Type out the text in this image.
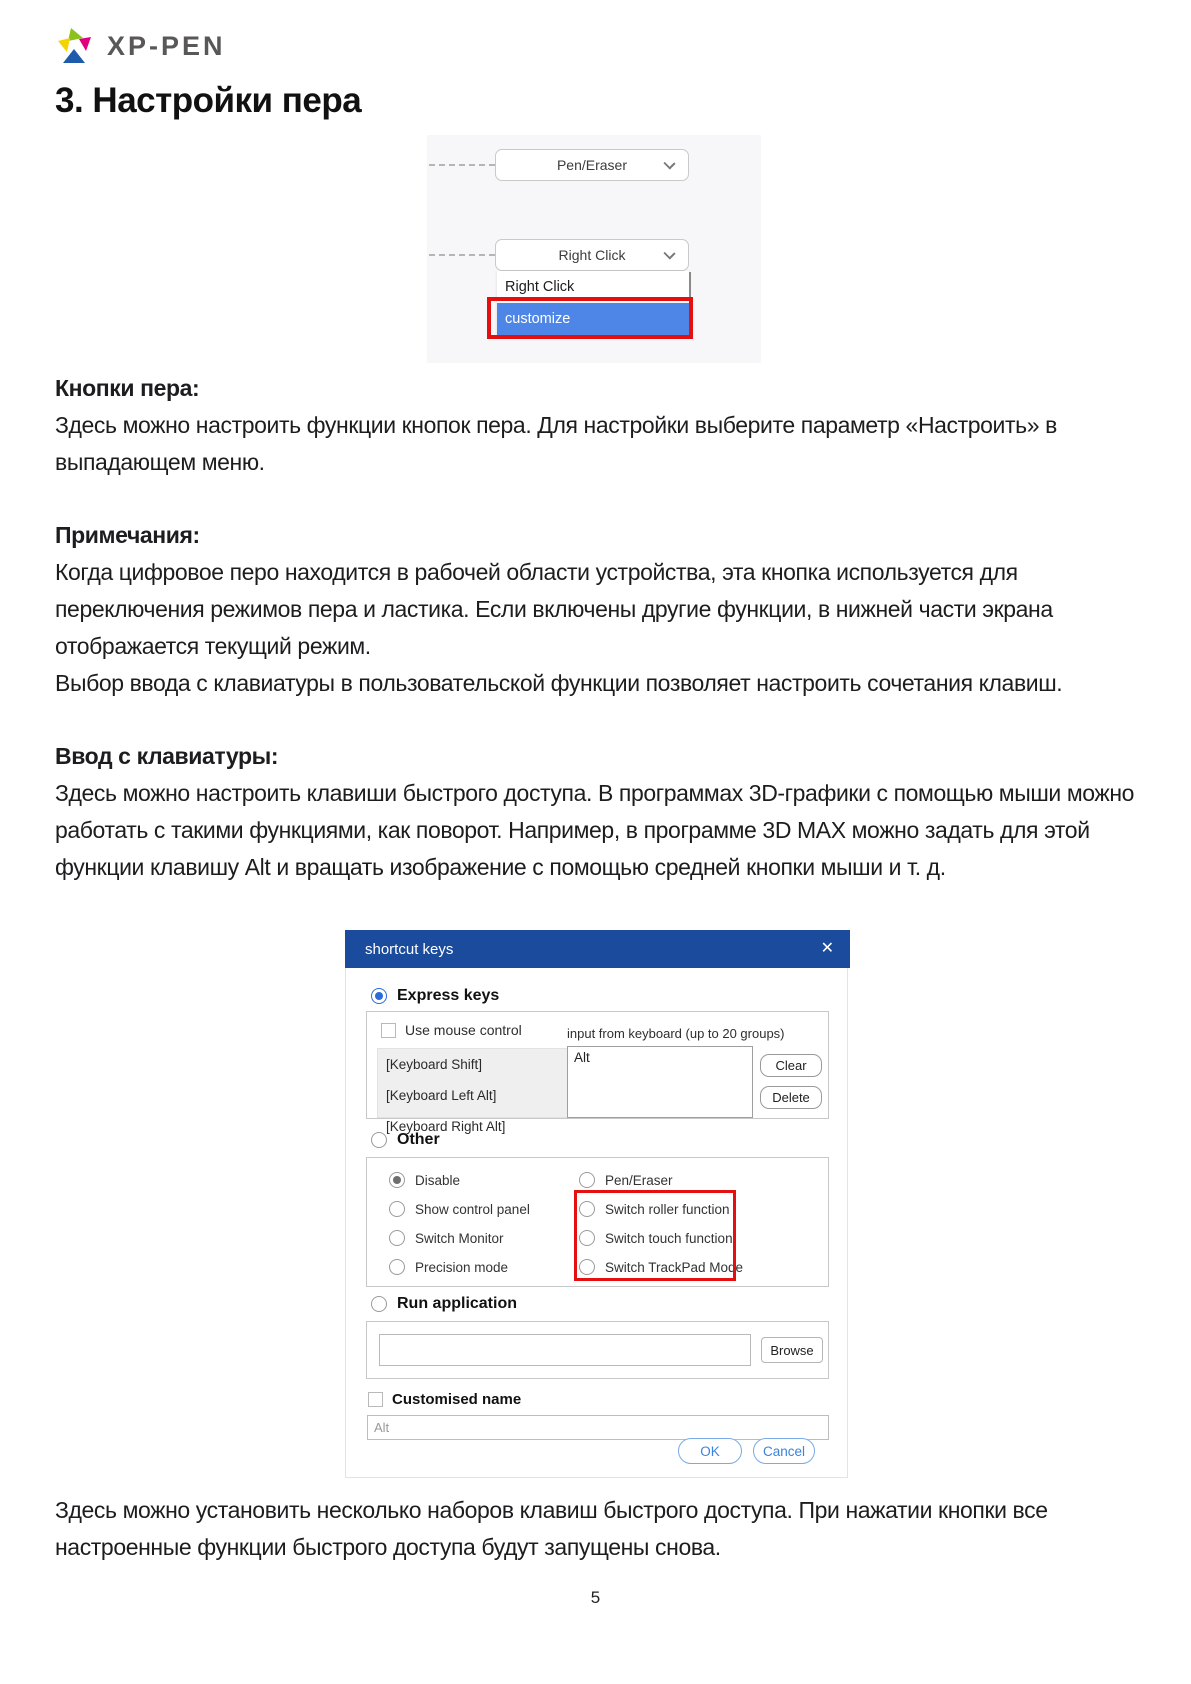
XP-PEN
3. Настройки пера
Pen/Eraser
Right Click
Right Click
customize
Кнопки пера:

Здесь можно настроить функции кнопок пера. Для настройки выберите параметр «Настроить» в выпадающем меню.

Примечания:

Когда цифровое перо находится в рабочей области устройства, эта кнопка используется для переключения режимов пера и ластика. Если включены другие функции, в нижней части экрана отображается текущий режим.

Выбор ввода с клавиатуры в пользовательской функции позволяет настроить сочетания клавиш.

Ввод с клавиатуры:

Здесь можно настроить клавиши быстрого доступа. В программах 3D-графики с помощью мыши можно работать с такими функциями, как поворот. Например, в программе 3D MAX можно задать для этой функции клавишу Alt и вращать изображение с помощью средней кнопки мыши и т. д.

shortcut keys	✕
Express keys
Use mouse control
[Keyboard Shift]
[Keyboard Left Alt]
[Keyboard Right Alt]
input from keyboard (up to 20 groups)
Alt
Clear
Delete
Other
Disable
Show control panel
Switch Monitor
Precision mode
Pen/Eraser
Switch roller function
Switch touch function
Switch TrackPad Mode
Run application
Browse
Customised name
Alt
OK	Cancel

Здесь можно установить несколько наборов клавиш быстрого доступа. При нажатии кнопки все настроенные функции быстрого доступа будут запущены снова.

5
